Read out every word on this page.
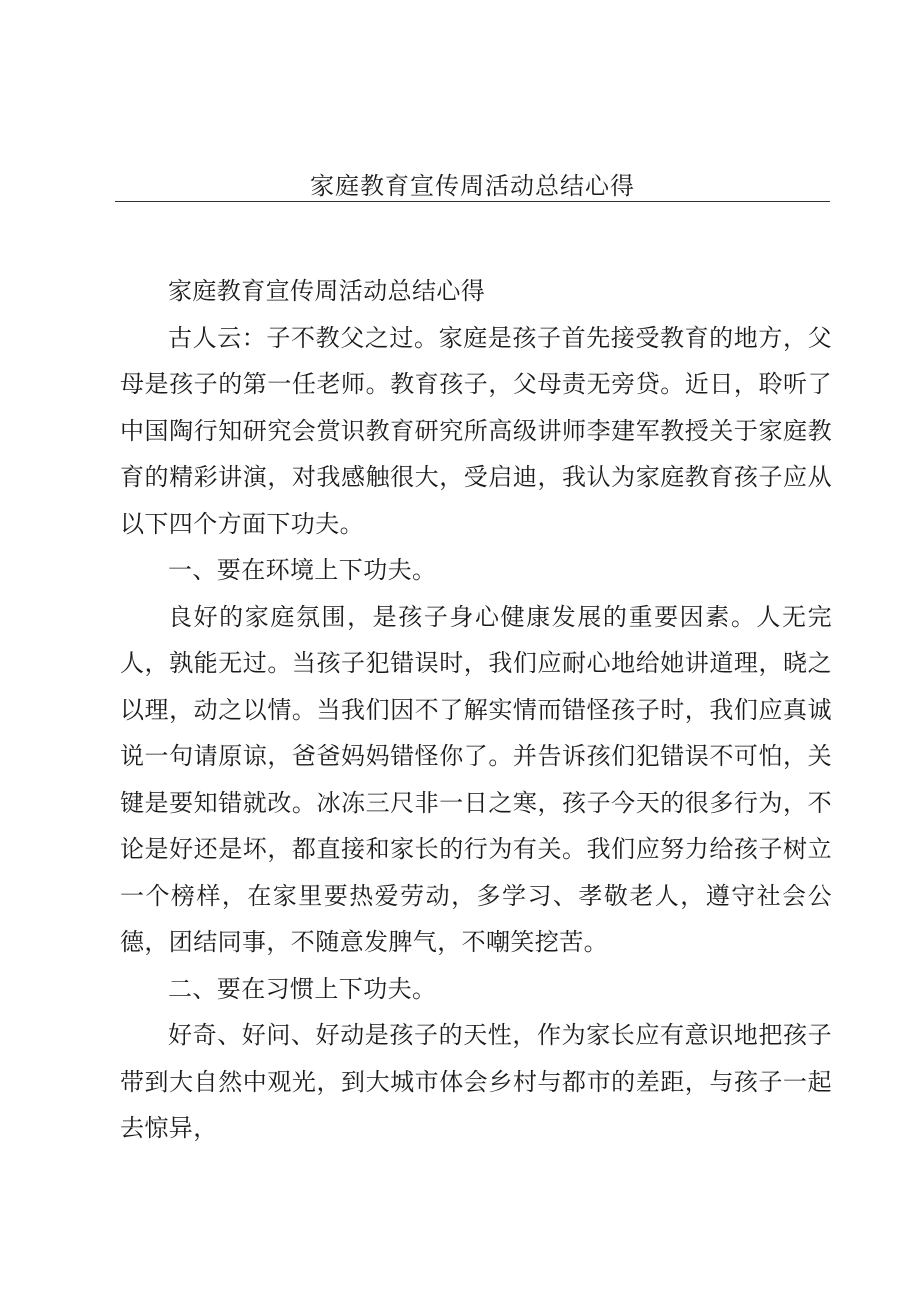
家庭教育宣传周活动总结心得

家庭教育宣传周活动总结心得

古人云：子不教父之过。家庭是孩子首先接受教育的地方，父母是孩子的第一任老师。教育孩子，父母责无旁贷。近日，聆听了中国陶行知研究会赏识教育研究所高级讲师李建军教授关于家庭教育的精彩讲演，对我感触很大，受启迪，我认为家庭教育孩子应从以下四个方面下功夫。

一、要在环境上下功夫。

良好的家庭氛围，是孩子身心健康发展的重要因素。人无完人，孰能无过。当孩子犯错误时，我们应耐心地给她讲道理，晓之以理，动之以情。当我们因不了解实情而错怪孩子时，我们应真诚说一句请原谅，爸爸妈妈错怪你了。并告诉孩们犯错误不可怕，关键是要知错就改。冰冻三尺非一日之寒，孩子今天的很多行为，不论是好还是坏，都直接和家长的行为有关。我们应努力给孩子树立一个榜样，在家里要热爱劳动，多学习、孝敬老人，遵守社会公德，团结同事，不随意发脾气，不嘲笑挖苦。

二、要在习惯上下功夫。

好奇、好问、好动是孩子的天性，作为家长应有意识地把孩子带到大自然中观光，到大城市体会乡村与都市的差距，与孩子一起去惊异，
